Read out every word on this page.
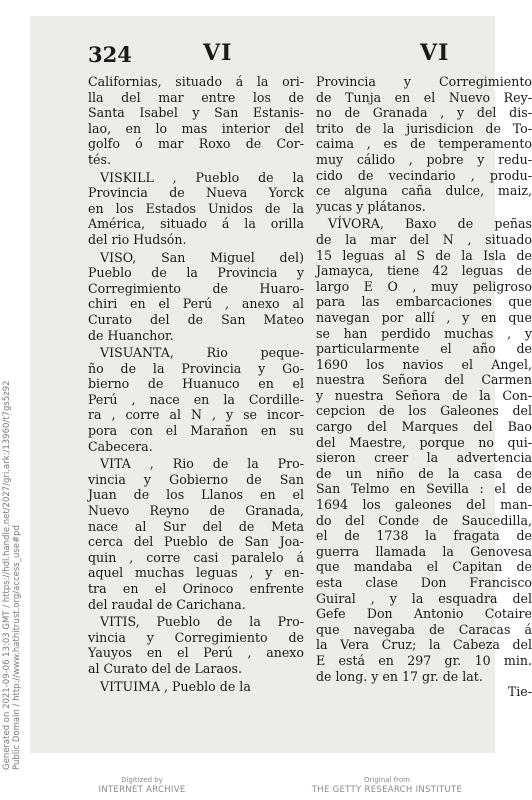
324	VI	VI
Californias, situado á la ori-
lla del mar entre los de
Santa Isabel y San Estanis-
lao, en lo mas interior del
golfo ó mar Roxo de Cor-
tés.
VISKILL , Pueblo de la
Provincia de Nueva Yorck
en los Estados Unidos de la
América, situado á la orilla
del rio Hudsón.
VISO, San Miguel del)
Pueblo de la Provincia y
Corregimiento de Huaro-
chiri en el Perú , anexo al
Curato del de San Mateo
de Huanchor.
VISUANTA, Rio peque-
ño de la Provincia y Go-
bierno de Huanuco en el
Perú , nace en la Cordille-
ra , corre al N , y se incor-
pora con el Marañon en su
Cabecera.
VITA , Rio de la Pro-
vincia y Gobierno de San
Juan de los Llanos en el
Nuevo Reyno de Granada,
nace al Sur del de Meta
cerca del Pueblo de San Joa-
quin , corre casi paralelo á
aquel muchas leguas , y en-
tra en el Orinoco enfrente
del raudal de Carichana.
VITIS, Pueblo de la Pro-
vincia y Corregimiento de
Yauyos en el Perú , anexo
al Curato del de Laraos.
VITUIMA , Pueblo de la
Provincia y Corregimiento
de Tunja en el Nuevo Rey-
no de Granada , y del dis-
trito de la jurisdicion de To-
caima , es de temperamento
muy cálido , pobre y redu-
cido de vecindario , produ-
ce alguna caña dulce, maiz,
yucas y plátanos.
VÍVORA, Baxo de peñas
de la mar del N , situado
15 leguas al S de la Isla de
Jamayca, tiene 42 leguas de
largo E O , muy peligroso
para las embarcaciones que
navegan por allí , y en que
se han perdido muchas , y
particularmente el año de
1690 los navios el Angel,
nuestra Señora del Carmen
y nuestra Señora de la Con-
cepcion de los Galeones del
cargo del Marques del Bao
del Maestre, porque no qui-
sieron creer la advertencia
de un niño de la casa de
San Telmo en Sevilla : el de
1694 los galeones del man-
do del Conde de Saucedilla,
el de 1738 la fragata de
guerra llamada la Genovesa
que mandaba el Capitan de
esta clase Don Francisco
Guiral , y la esquadra del
Gefe Don Antonio Cotaire
que navegaba de Caracas á
la Vera Cruz; la Cabeza del
E está en 297 gr. 10 min.
de long. y en 17 gr. de lat.
Tie-
Generated on 2021-09-06 13:03 GMT / https://hdl.handle.net/2027/gri.ark:/13960/t7gs5z92 Public Domain / http://www.hathitrust.org/access_use#pd
Digitized by
INTERNET ARCHIVE
Original from
THE GETTY RESEARCH INSTITUTE
